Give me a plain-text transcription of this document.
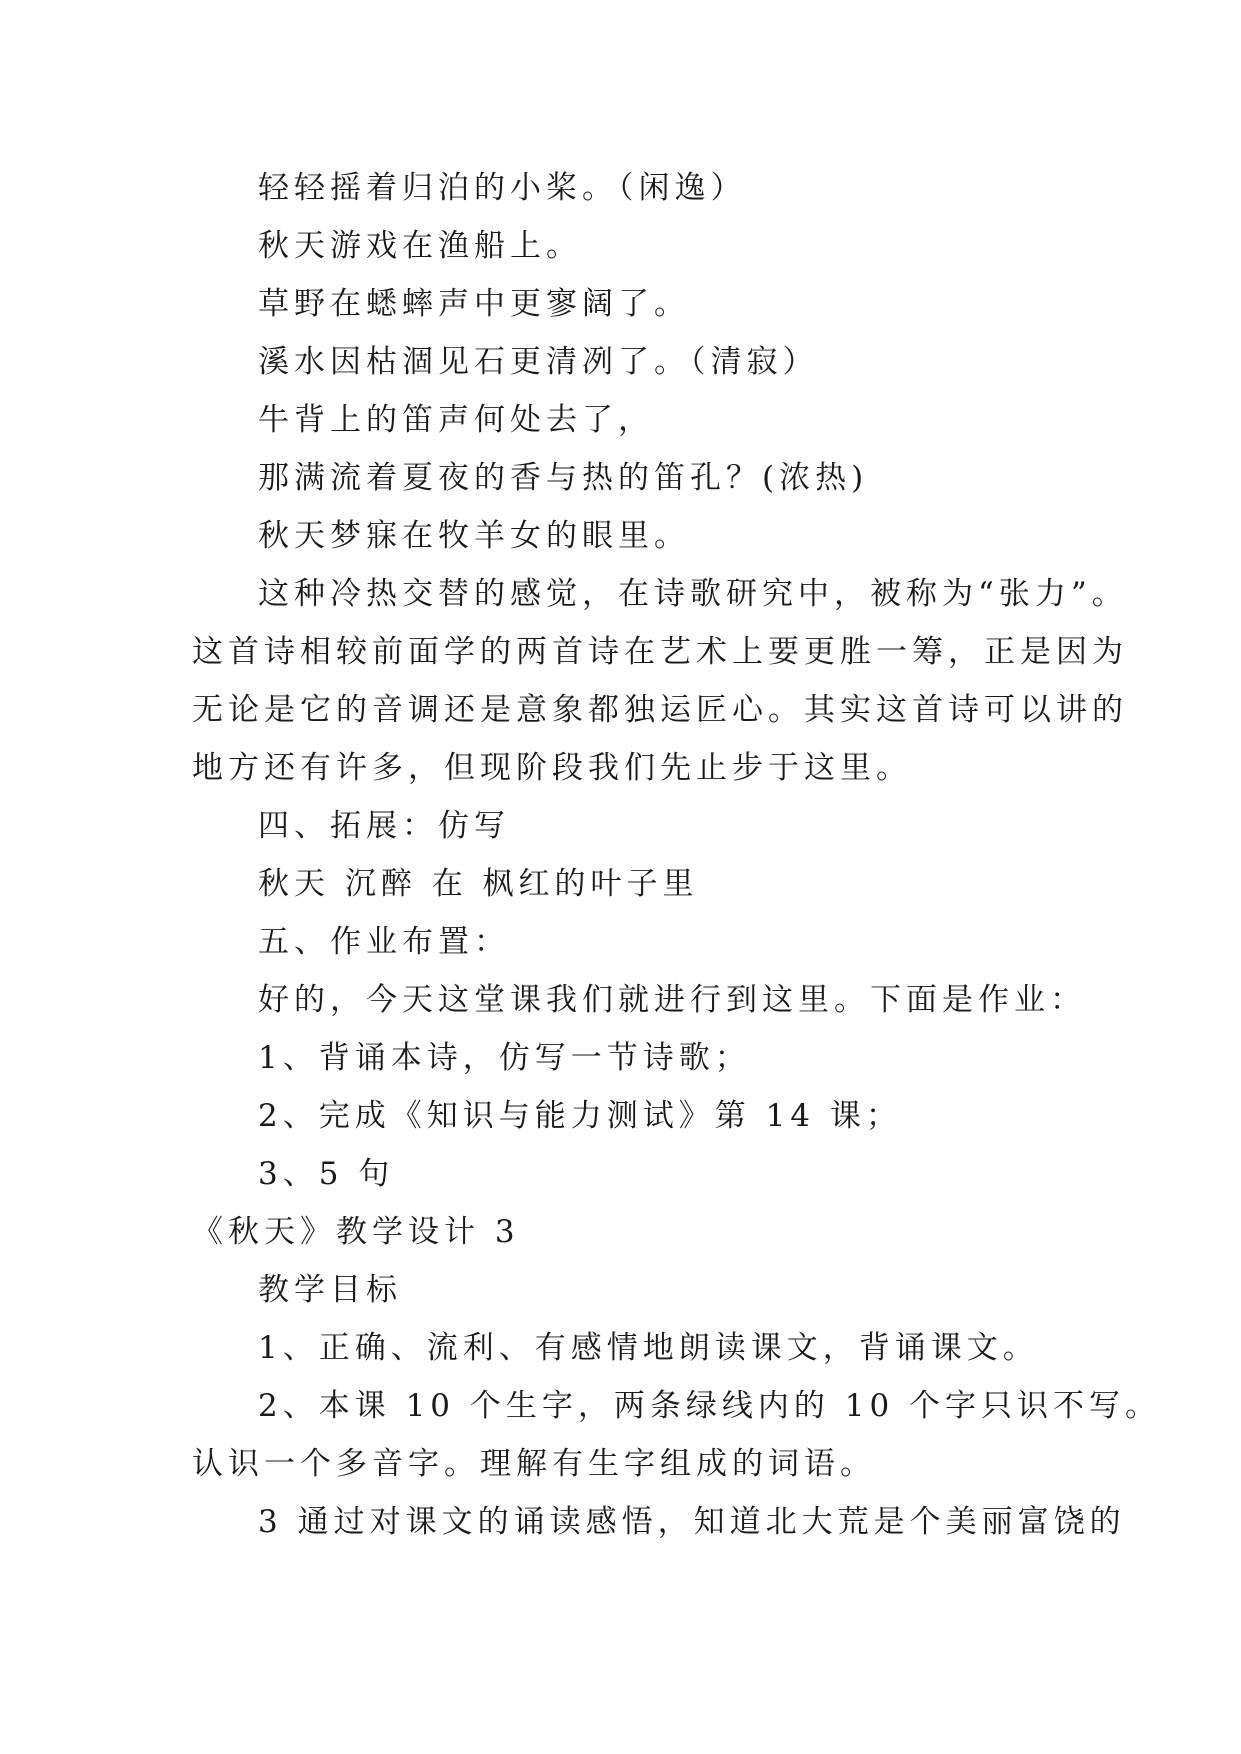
轻轻摇着归泊的小桨。（闲逸）
秋天游戏在渔船上。
草野在蟋蟀声中更寥阔了。
溪水因枯涸见石更清冽了。（清寂）
牛背上的笛声何处去了，
那满流着夏夜的香与热的笛孔？(浓热)
秋天梦寐在牧羊女的眼里。
这种冷热交替的感觉，在诗歌研究中，被称为“张力”。
这首诗相较前面学的两首诗在艺术上要更胜一筹，正是因为
无论是它的音调还是意象都独运匠心。其实这首诗可以讲的
地方还有许多，但现阶段我们先止步于这里。
四、拓展：仿写
秋天 沉醉 在 枫红的叶子里
五、作业布置：
好的，今天这堂课我们就进行到这里。下面是作业：
1、背诵本诗，仿写一节诗歌；
2、完成《知识与能力测试》第 14 课；
3、5 句
《秋天》教学设计 3
教学目标
1、正确、流利、有感情地朗读课文，背诵课文。
2、本课 10 个生字，两条绿线内的 10 个字只识不写。
认识一个多音字。理解有生字组成的词语。
3 通过对课文的诵读感悟，知道北大荒是个美丽富饶的
